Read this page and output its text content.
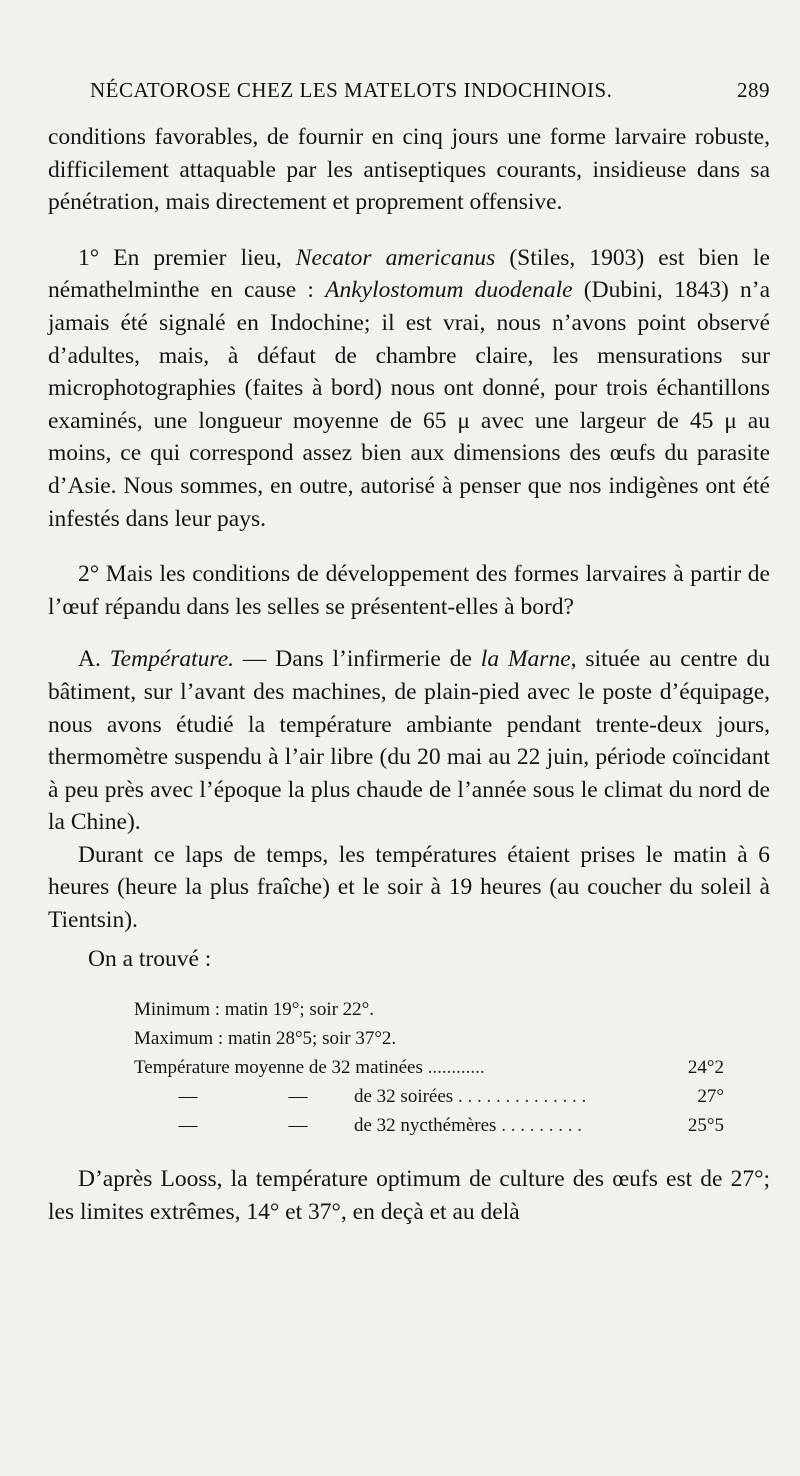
NÉCATOROSE CHEZ LES MATELOTS INDOCHINOIS.	289

conditions favorables, de fournir en cinq jours une forme larvaire robuste, difficilement attaquable par les antiseptiques courants, insidieuse dans sa pénétration, mais directement et proprement offensive.

1° En premier lieu, Necator americanus (Stiles, 1903) est bien le némathelminthe en cause : Ankylostomum duodenale (Dubini, 1843) n’a jamais été signalé en Indochine; il est vrai, nous n’avons point observé d’adultes, mais, à défaut de chambre claire, les mensurations sur microphotographies (faites à bord) nous ont donné, pour trois échantillons examinés, une longueur moyenne de 65 μ avec une largeur de 45 μ au moins, ce qui correspond assez bien aux dimensions des œufs du parasite d’Asie. Nous sommes, en outre, autorisé à penser que nos indigènes ont été infestés dans leur pays.

2° Mais les conditions de développement des formes larvaires à partir de l’œuf répandu dans les selles se présentent-elles à bord?

A. Température. — Dans l’infirmerie de la Marne, située au centre du bâtiment, sur l’avant des machines, de plain-pied avec le poste d’équipage, nous avons étudié la température ambiante pendant trente-deux jours, thermomètre suspendu à l’air libre (du 20 mai au 22 juin, période coïncidant à peu près avec l’époque la plus chaude de l’année sous le climat du nord de la Chine).

Durant ce laps de temps, les températures étaient prises le matin à 6 heures (heure la plus fraîche) et le soir à 19 heures (au coucher du soleil à Tientsin).

On a trouvé :

Minimum : matin 19°; soir 22°.	
Maximum : matin 28°5; soir 37°2.	
Température moyenne de 32 matinées ............	24°2
— — de 32 soirées . . . . . . . . . . . . . .	27°
— — de 32 nycthémères . . . . . . . . .	25°5

D’après Looss, la température optimum de culture des œufs est de 27°; les limites extrêmes, 14° et 37°, en deçà et au delà
